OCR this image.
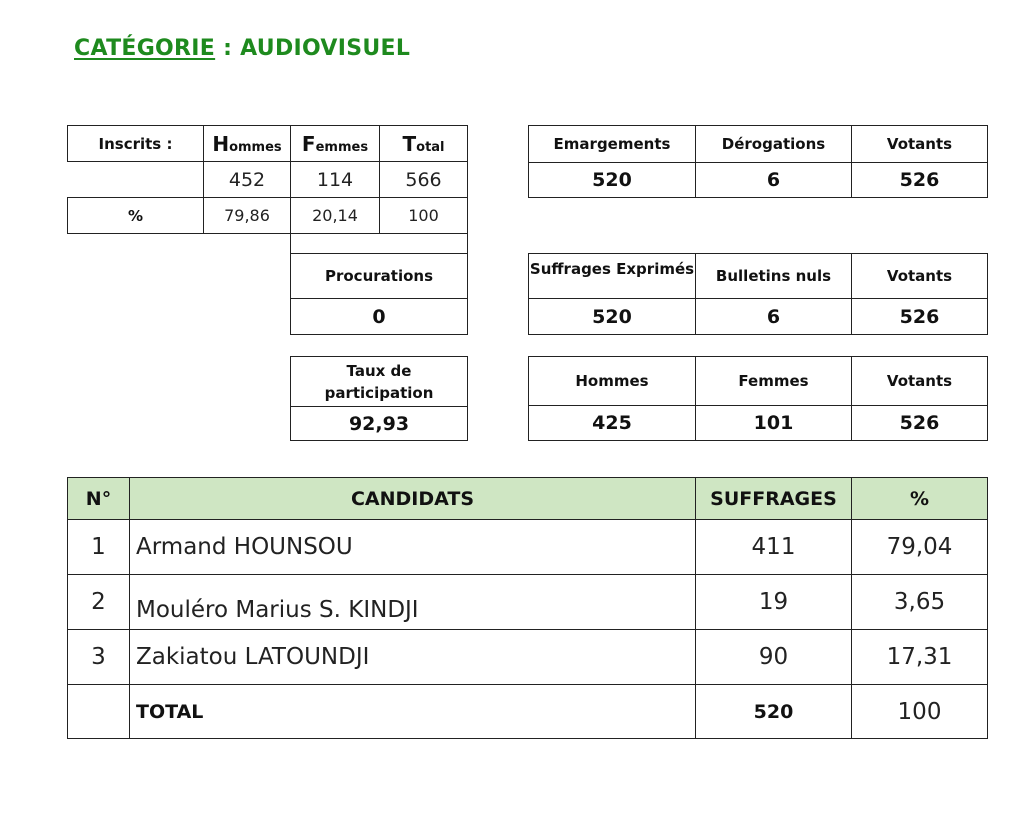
CATÉGORIE : AUDIOVISUEL
Inscrits :	Hommes	Femmes	Total
	452	114	566
%	79,86	20,14	100
Emargements	Dérogations	Votants
520	6	526

Procurations
0
Suffrages Exprimés	Bulletins nuls	Votants
520	6	526
Taux de participation
92,93
Hommes	Femmes	Votants
425	101	526
N°	CANDIDATS	SUFFRAGES	%
1	Armand HOUNSOU	411	79,04
2	Mouléro Marius S. KINDJI	19	3,65
3	Zakiatou LATOUNDJI	90	17,31
	TOTAL	520	100
